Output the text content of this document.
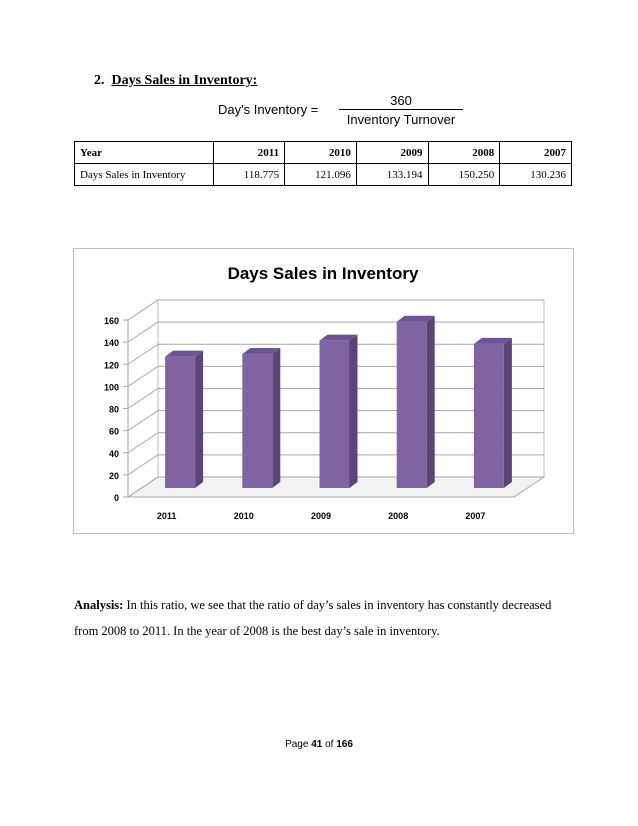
2. Days Sales in Inventory:
Day's Inventory =
360
Inventory Turnover
Year	2011	2010	2009	2008	2007
Days Sales in Inventory	118.775	121.096	133.194	150.250	130.236
Days Sales in Inventory
0
20
40
60
80
100
120
140
160
2011	2010	2009	2008	2007
Analysis: In this ratio, we see that the ratio of day’s sales in inventory has constantly decreased from 2008 to 2011. In the year of 2008 is the best day’s sale in inventory.
Page 41 of 166
